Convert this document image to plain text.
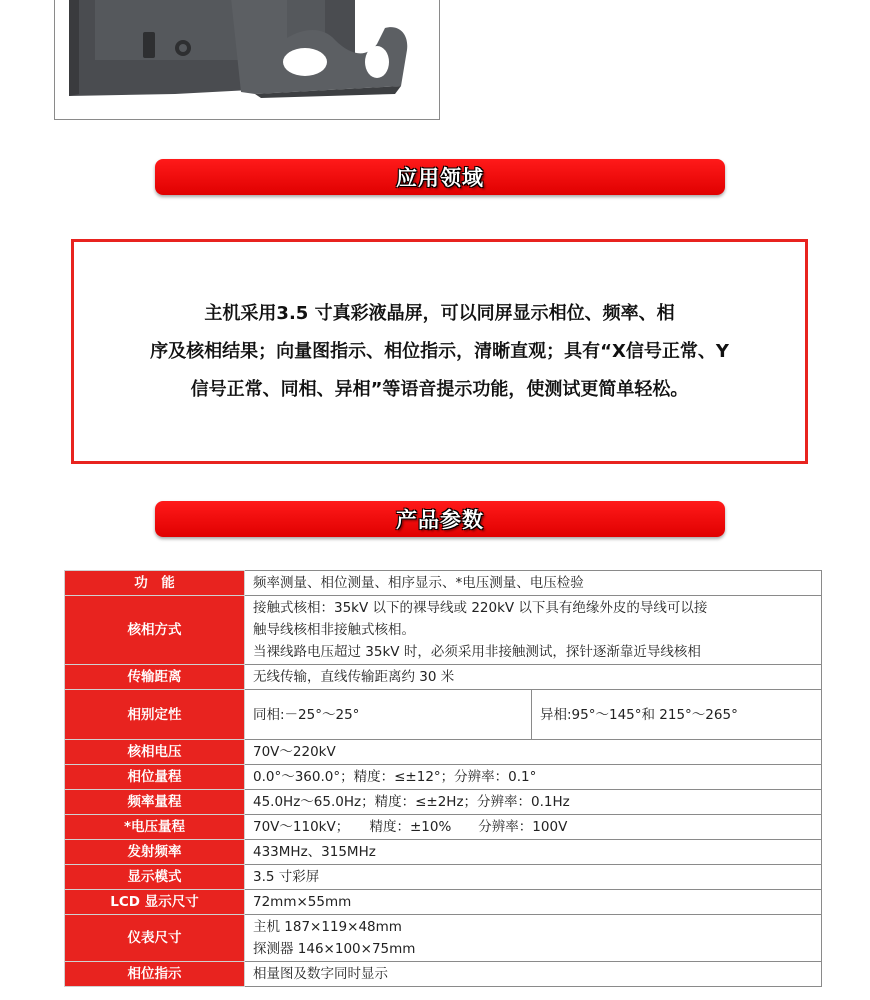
应用领域

主机采用3.5 寸真彩液晶屏，可以同屏显示相位、频率、相
序及核相结果；向量图指示、相位指示，清晰直观；具有“X信号正常、Y
信号正常、同相、异相”等语音提示功能，使测试更简单轻松。

产品参数
功　能	频率测量、相位测量、相序显示、*电压测量、电压检验	
核相方式	接触式核相：35kV 以下的裸导线或 220kV 以下具有绝缘外皮的导线可以接
触导线核相非接触式核相。
当裸线路电压超过 35kV 时，必须采用非接触测试，探针逐渐靠近导线核相	

传输距离	无线传输，直线传输距离约 30 米	
相别定性	同相:－25°～25°	异相:95°～145°和 215°～265°
核相电压	70V～220kV	
相位量程	0.0°～360.0°；精度：≤±12°；分辨率：0.1°	
频率量程	45.0Hz～65.0Hz；精度：≤±2Hz；分辨率：0.1Hz	
*电压量程	70V～110kV；　　精度：±10%　　分辨率：100V	
发射频率	433MHz、315MHz	
显示模式	3.5 寸彩屏	
LCD 显示尺寸	72mm×55mm	
仪表尺寸	主机 187×119×48mm
探测器 146×100×75mm	

相位指示	相量图及数字同时显示	
